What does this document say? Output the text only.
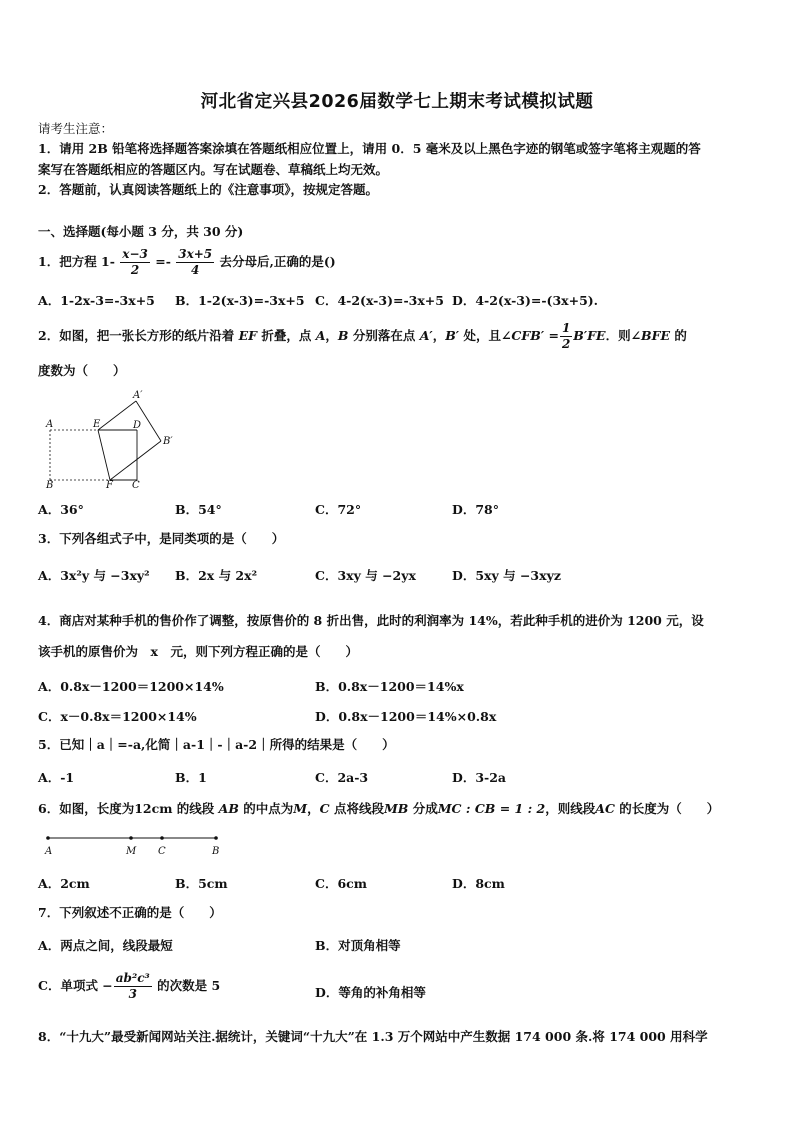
河北省定兴县2026届数学七上期末考试模拟试题
请考生注意：
1．请用 2B 铅笔将选择题答案涂填在答题纸相应位置上，请用 0．5 毫米及以上黑色字迹的钢笔或签字笔将主观题的答
案写在答题纸相应的答题区内。写在试题卷、草稿纸上均无效。
2．答题前，认真阅读答题纸上的《注意事项》，按规定答题。
一、选择题(每小题 3 分，共 30 分)
1．把方程 $1- \frac{x-3}{2} =- \frac{3x+5}{4}$ 去分母后,正确的是()
A．1-2x-3=-3x+5 B．1-2(x-3)=-3x+5 C．4-2(x-3)=-3x+5 D．4-2(x-3)=-(3x+5).
2．如图，把一张长方形的纸片沿着 EF 折叠，点 A，B 分别落在点 A′，B′ 处，且∠CFB′ = $\frac{1}{2} B'FE$．则∠BFE 的
度数为（　　）
A	E	D
A′
B′
B	F C
A．36°	B．54°	C．72°	D．78°
3．下列各组式子中，是同类项的是（　　）
A．3x²y 与 −3xy² B．2x 与 2x²	C．3xy 与 −2yx	D．5xy 与 −3xyz
4．商店对某种手机的售价作了调整，按原售价的 8 折出售，此时的利润率为 14%，若此种手机的进价为 1200 元，设
该手机的原售价为　x　元，则下列方程正确的是（　　）
A．0.8x－1200＝1200×14%	B．0.8x－1200＝14%x
C．x－0.8x＝1200×14%	D．0.8x－1200＝14%×0.8x
5．已知｜a｜=-a,化简｜a-1｜-｜a-2｜所得的结果是（　　）
A．-1	B．1	C．2a-3	D．3-2a
6．如图，长度为12cm 的线段 AB 的中点为M，C 点将线段MB 分成MC : CB = 1 : 2，则线段AC 的长度为（　　）
A	M C	B
A．2cm	B．5cm	C．6cm	D．8cm
7．下列叙述不正确的是（　　）
A．两点之间，线段最短	B．对顶角相等
C．单项式 − $\frac{\text{ab²c³}}{3}$ 的次数是 5	D．等角的补角相等
8．“十九大”最受新闻网站关注.据统计，关键词“十九大”在 1.3 万个网站中产生数据 174 000 条.将 174 000 用科学
